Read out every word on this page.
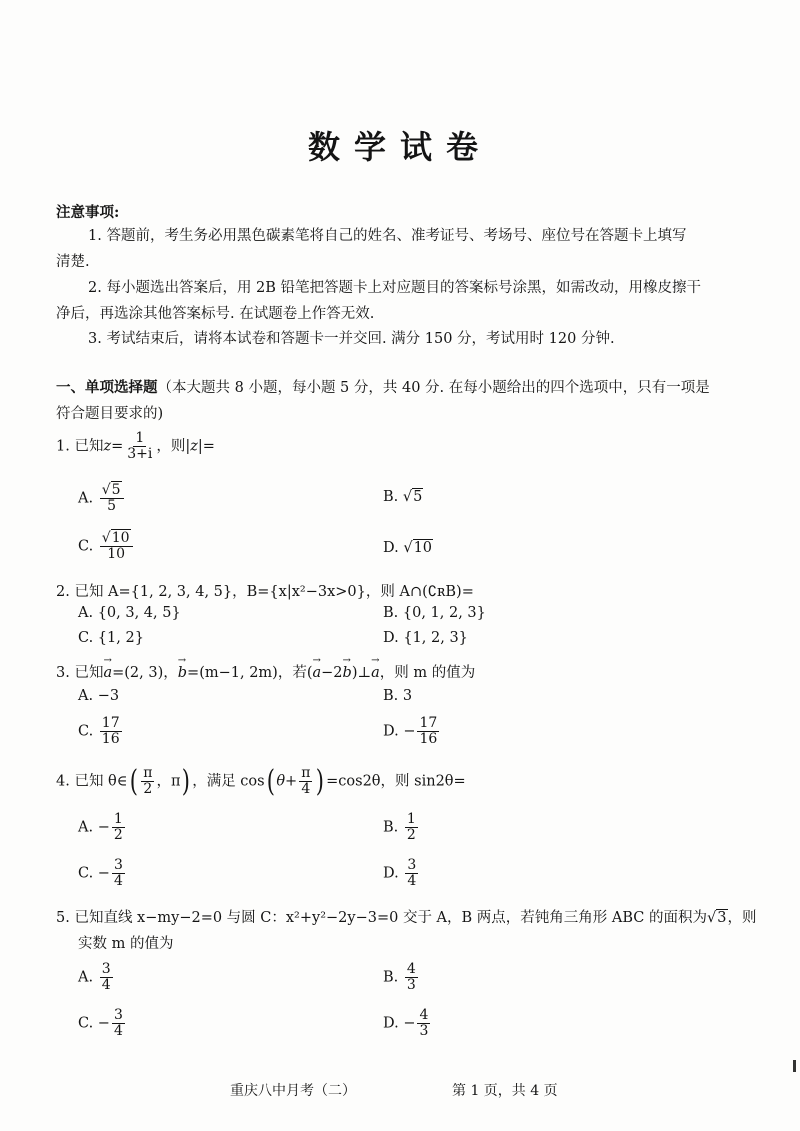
数学试卷
注意事项:
1. 答题前，考生务必用黑色碳素笔将自己的姓名、准考证号、考场号、座位号在答题卡上填写
清楚.
2. 每小题选出答案后，用 2B 铅笔把答题卡上对应题目的答案标号涂黑，如需改动，用橡皮擦干
净后，再选涂其他答案标号. 在试题卷上作答无效.
3. 考试结束后，请将本试卷和答题卡一并交回. 满分 150 分，考试用时 120 分钟.
一、单项选择题（本大题共 8 小题，每小题 5 分，共 40 分. 在每小题给出的四个选项中，只有一项是
符合题目要求的)
1. 已知$z= \frac{1}{3+i}$ ，则|z|=
A. $\frac{√5}{5}$	B. √5
C. $\frac{√10}{10}$	D. √10
2. 已知 A={1, 2, 3, 4, 5}，B={x|x²−3x>0}，则 A∩(∁ʀB)=
A. {0, 3, 4, 5}	B. {0, 1, 2, 3}
C. {1, 2}	D. {1, 2, 3}
3. 已知→ a=(2, 3)，→ b=(m−1, 2m)，若(→ a−2→ b)⊥→ a，则 m 的值为
A. −3	B. 3
C. $\frac{17}{16}$	D. − $\frac{17}{16}$
4. 已知 θ∈( $\frac{\pi}{2}$ ，π) ，满足 cos( $\theta+ \frac{\pi}{4}$ ) =cos2θ，则 sin2θ=
A. − $\frac{1}{2}$	B. $\frac{1}{2}$
C. − $\frac{3}{4}$	D. $\frac{3}{4}$
5. 已知直线 x−my−2=0 与圆 C：x²+y²−2y−3=0 交于 A，B 两点，若钝角三角形 ABC 的面积为√3，则
实数 m 的值为
A. $\frac{3}{4}$	B. $\frac{4}{3}$
C. − $\frac{3}{4}$	D. − $\frac{4}{3}$
重庆八中月考（二）	第 1 页，共 4 页
